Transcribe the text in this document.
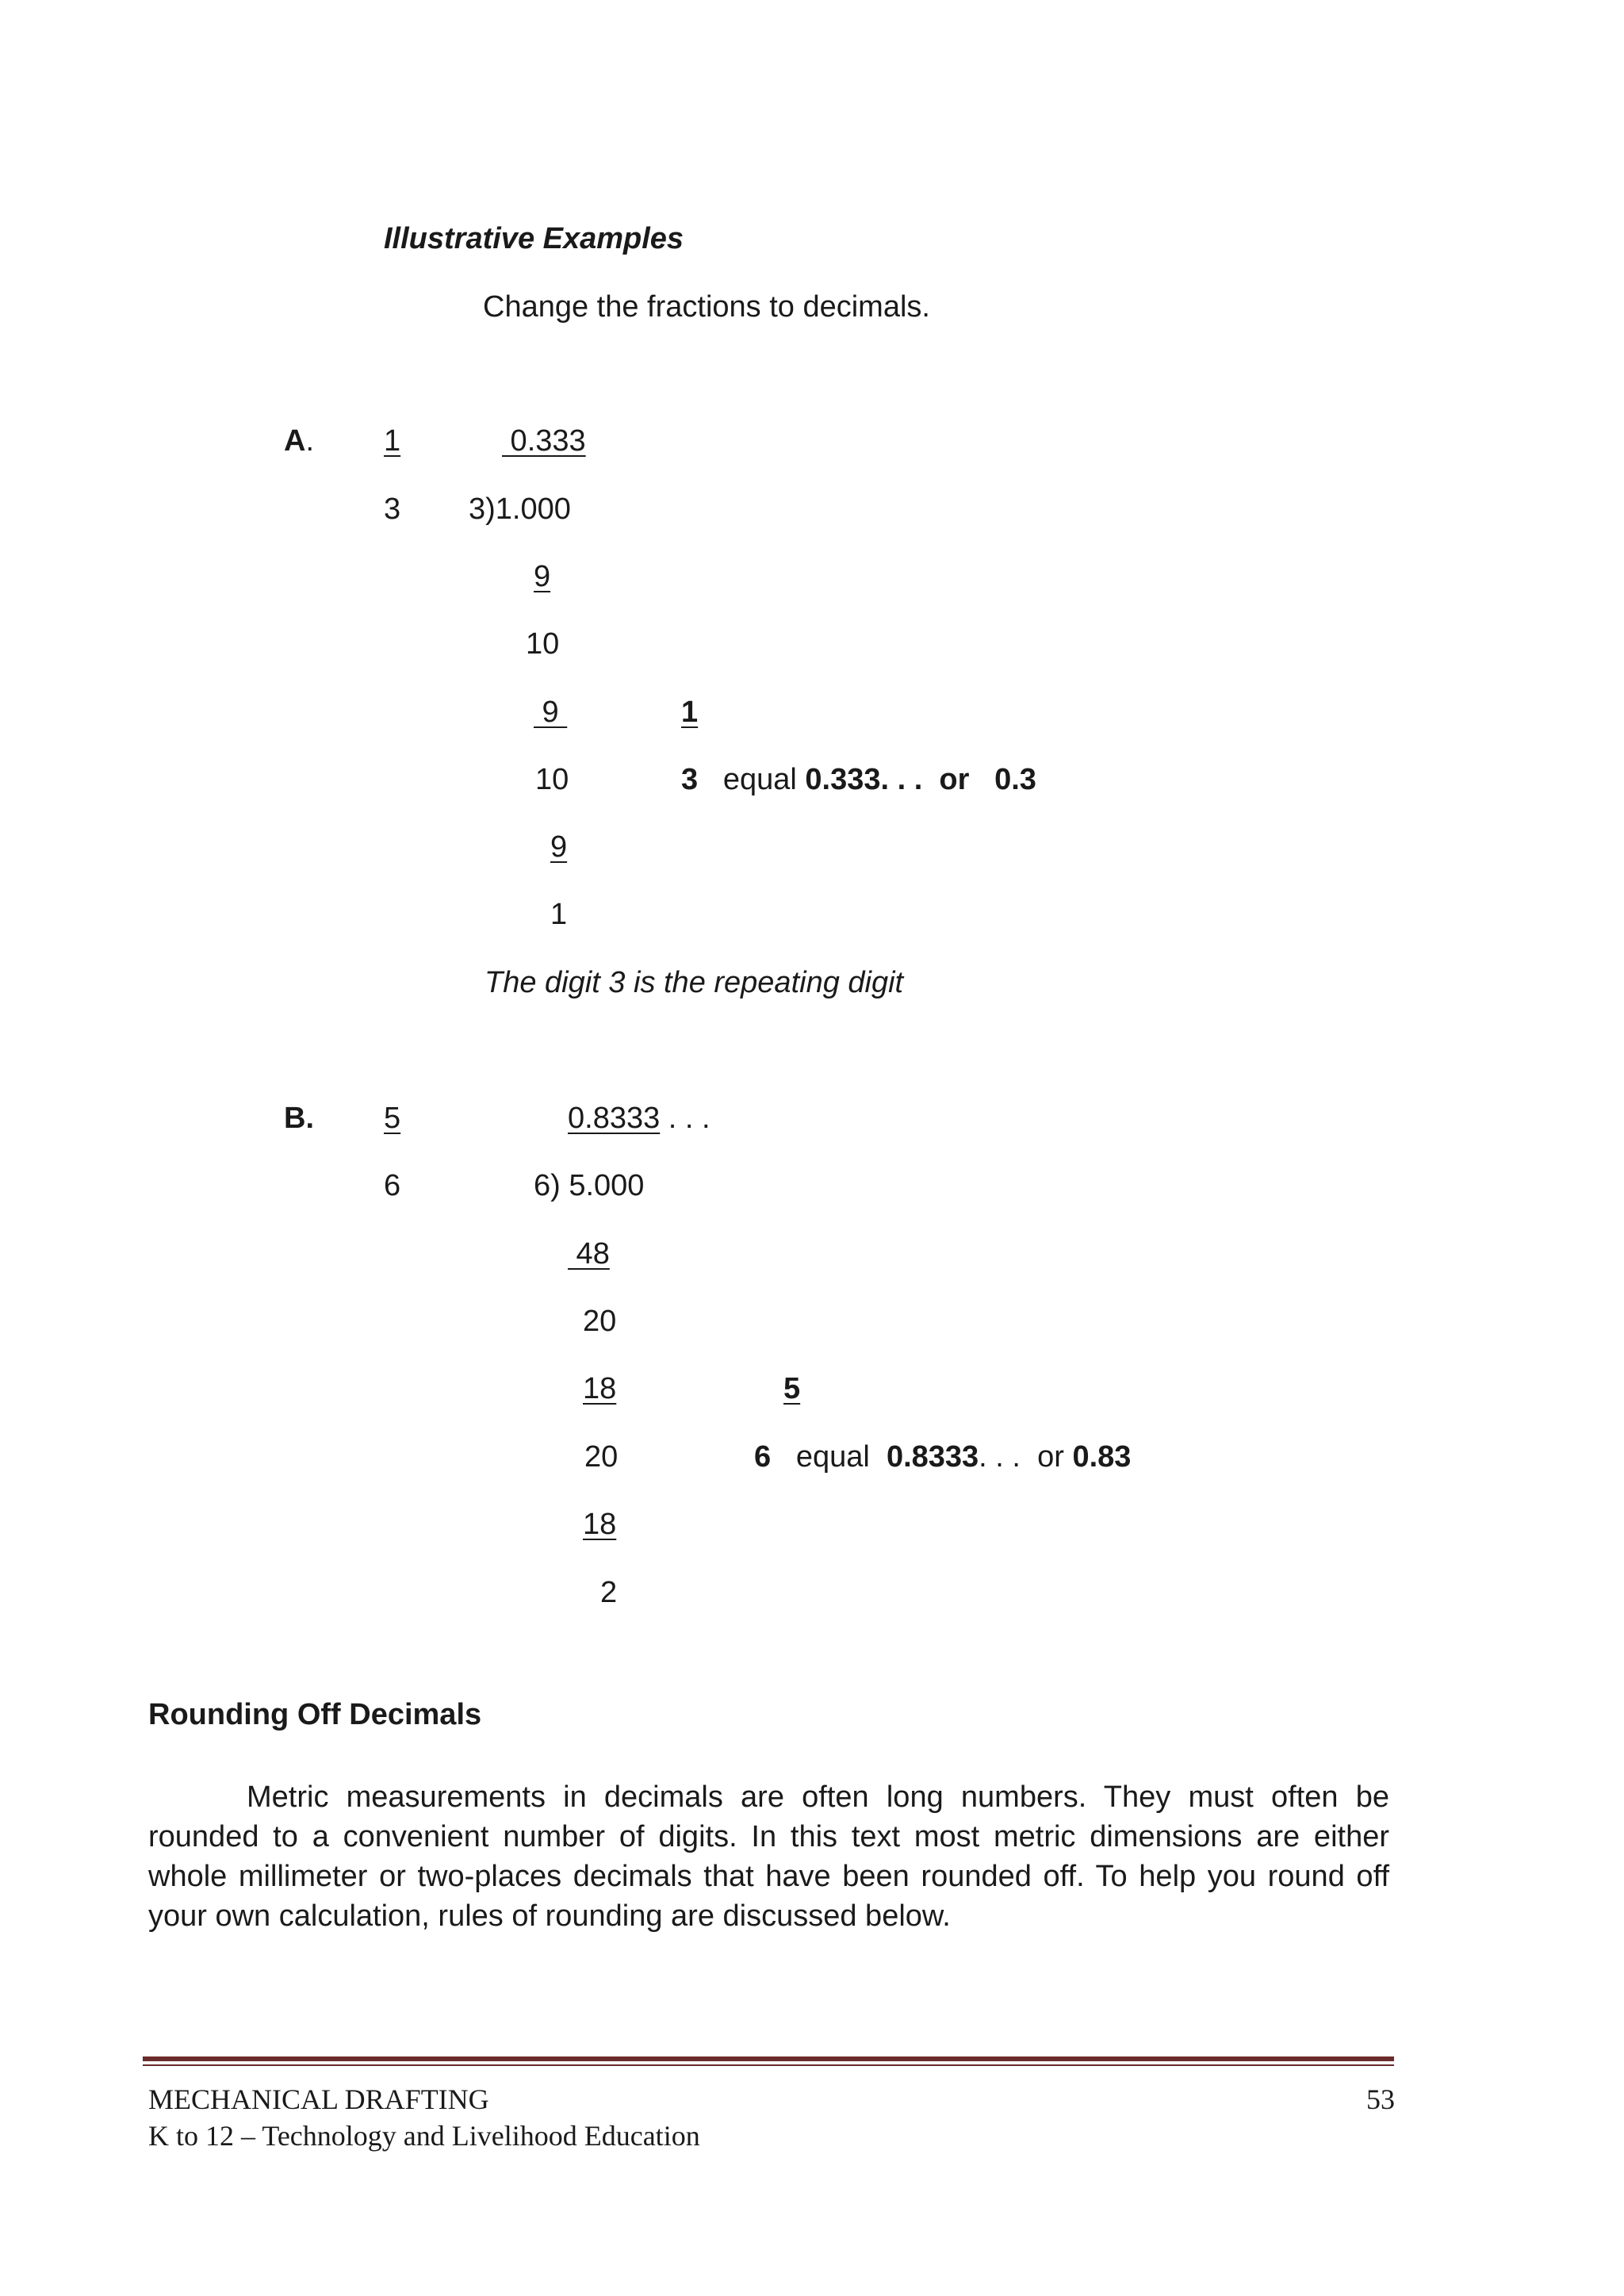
Illustrative Examples
Change the fractions to decimals.
A. 1	0.333
3 3)1.000
9
10
9
10
9
1
1
3 equal 0.333. . . or 0.3
The digit 3 is the repeating digit
B. 5	0.8333 . . .
6	6) 5.000
48
20
18
20
18
2
5
6 equal 0.8333. . . or 0.83
Rounding Off Decimals
Metric measurements in decimals are often long numbers. They must often be rounded to a convenient number of digits. In this text most metric dimensions are either whole millimeter or two-places decimals that have been rounded off. To help you round off your own calculation, rules of rounding are discussed below.
MECHANICAL DRAFTING
K to 12 – Technology and Livelihood Education
53
